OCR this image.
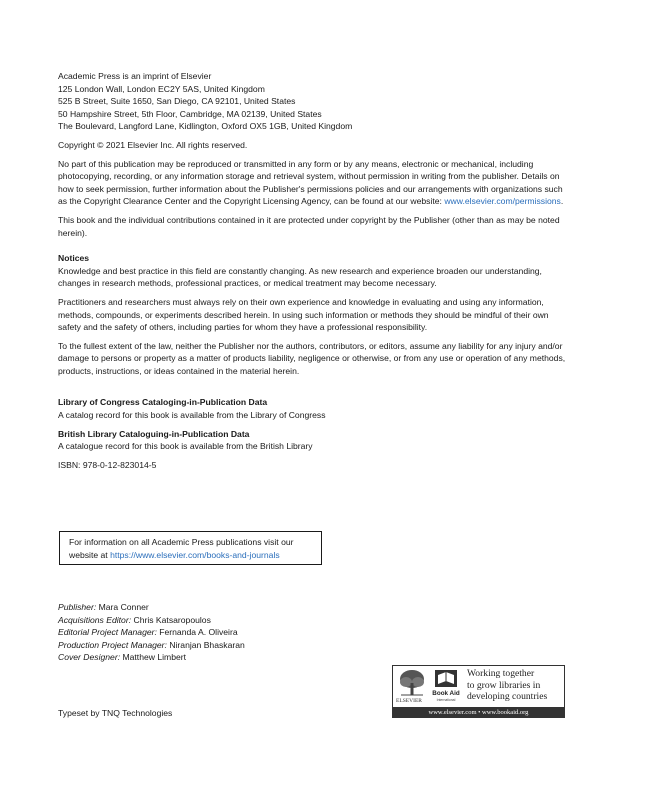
Academic Press is an imprint of Elsevier
125 London Wall, London EC2Y 5AS, United Kingdom
525 B Street, Suite 1650, San Diego, CA 92101, United States
50 Hampshire Street, 5th Floor, Cambridge, MA 02139, United States
The Boulevard, Langford Lane, Kidlington, Oxford OX5 1GB, United Kingdom

Copyright © 2021 Elsevier Inc. All rights reserved.

No part of this publication may be reproduced or transmitted in any form or by any means, electronic or mechanical, including photocopying, recording, or any information storage and retrieval system, without permission in writing from the publisher. Details on how to seek permission, further information about the Publisher's permissions policies and our arrangements with organizations such as the Copyright Clearance Center and the Copyright Licensing Agency, can be found at our website: www.elsevier.com/permissions.

This book and the individual contributions contained in it are protected under copyright by the Publisher (other than as may be noted herein).

Notices

Knowledge and best practice in this field are constantly changing. As new research and experience broaden our understanding, changes in research methods, professional practices, or medical treatment may become necessary.

Practitioners and researchers must always rely on their own experience and knowledge in evaluating and using any information, methods, compounds, or experiments described herein. In using such information or methods they should be mindful of their own safety and the safety of others, including parties for whom they have a professional responsibility.

To the fullest extent of the law, neither the Publisher nor the authors, contributors, or editors, assume any liability for any injury and/or damage to persons or property as a matter of products liability, negligence or otherwise, or from any use or operation of any methods, products, instructions, or ideas contained in the material herein.

Library of Congress Cataloging-in-Publication Data

A catalog record for this book is available from the Library of Congress

British Library Cataloguing-in-Publication Data

A catalogue record for this book is available from the British Library

ISBN: 978-0-12-823014-5

For information on all Academic Press publications visit our
website at https://www.elsevier.com/books-and-journals
Publisher: Mara Conner
Acquisitions Editor: Chris Katsaropoulos
Editorial Project Manager: Fernanda A. Oliveira
Production Project Manager: Niranjan Bhaskaran
Cover Designer: Matthew Limbert
Typeset by TNQ Technologies
ELSEVIER
Book Aid
International
Working together
to grow libraries in
developing countries
www.elsevier.com • www.bookaid.org
